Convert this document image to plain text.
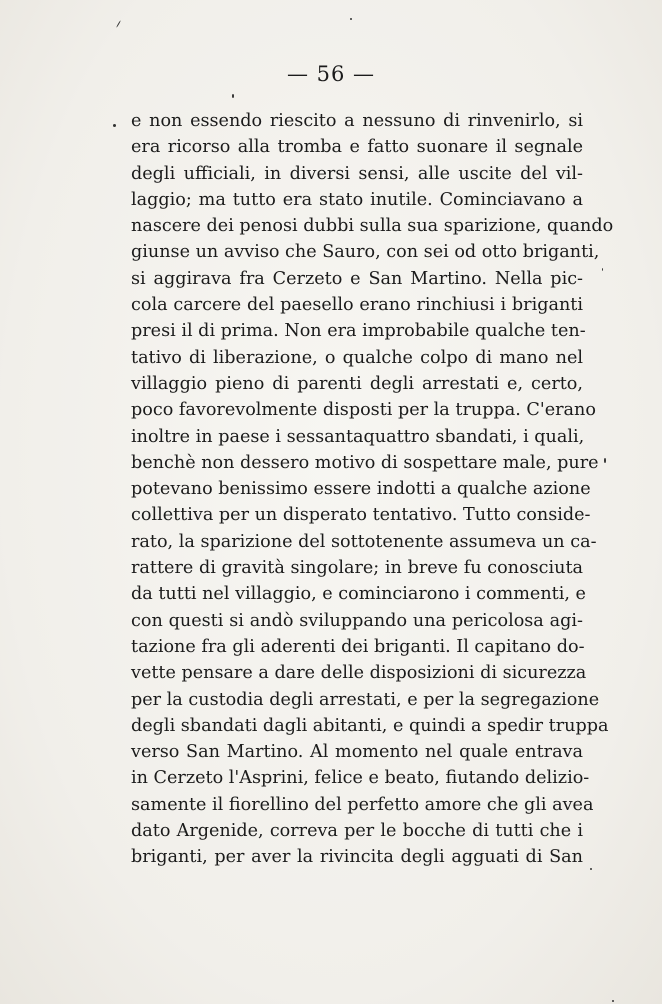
— 56 —
e non essendo riescito a nessuno di rinvenirlo, si
era ricorso alla tromba e fatto suonare il segnale
degli ufficiali, in diversi sensi, alle uscite del vil-
laggio; ma tutto era stato inutile. Cominciavano a
nascere dei penosi dubbi sulla sua sparizione, quando
giunse un avviso che Sauro, con sei od otto briganti,
si aggirava fra Cerzeto e San Martino. Nella pic-
cola carcere del paesello erano rinchiusi i briganti
presi il di prima. Non era improbabile qualche ten-
tativo di liberazione, o qualche colpo di mano nel
villaggio pieno di parenti degli arrestati e, certo,
poco favorevolmente disposti per la truppa. C'erano
inoltre in paese i sessantaquattro sbandati, i quali,
benchè non dessero motivo di sospettare male, pure
potevano benissimo essere indotti a qualche azione
collettiva per un disperato tentativo. Tutto conside-
rato, la sparizione del sottotenente assumeva un ca-
rattere di gravità singolare; in breve fu conosciuta
da tutti nel villaggio, e cominciarono i commenti, e
con questi si andò sviluppando una pericolosa agi-
tazione fra gli aderenti dei briganti. Il capitano do-
vette pensare a dare delle disposizioni di sicurezza
per la custodia degli arrestati, e per la segregazione
degli sbandati dagli abitanti, e quindi a spedir truppa
verso San Martino. Al momento nel quale entrava
in Cerzeto l'Asprini, felice e beato, fiutando delizio-
samente il fiorellino del perfetto amore che gli avea
dato Argenide, correva per le bocche di tutti che i
briganti, per aver la rivincita degli agguati di San
